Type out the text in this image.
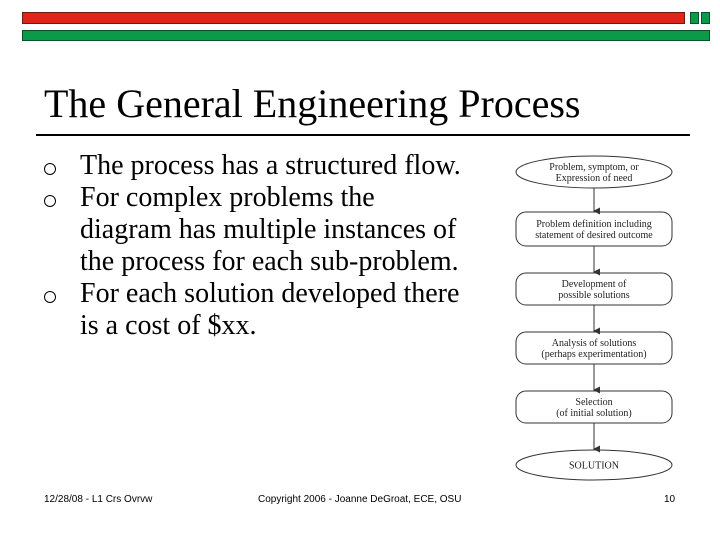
The General Engineering Process
The process has a structured flow.
For complex problems the diagram has multiple instances of the process for each sub-problem.
For each solution developed there is a cost of $xx.
Problem, symptom, or
Expression of need
Problem definition including
statement of desired outcome
Development of
possible solutions
Analysis of solutions
(perhaps experimentation)
Selection
(of initial solution)
SOLUTION
12/28/08 - L1 Crs Ovrvw	Copyright 2006 - Joanne DeGroat, ECE, OSU	10
